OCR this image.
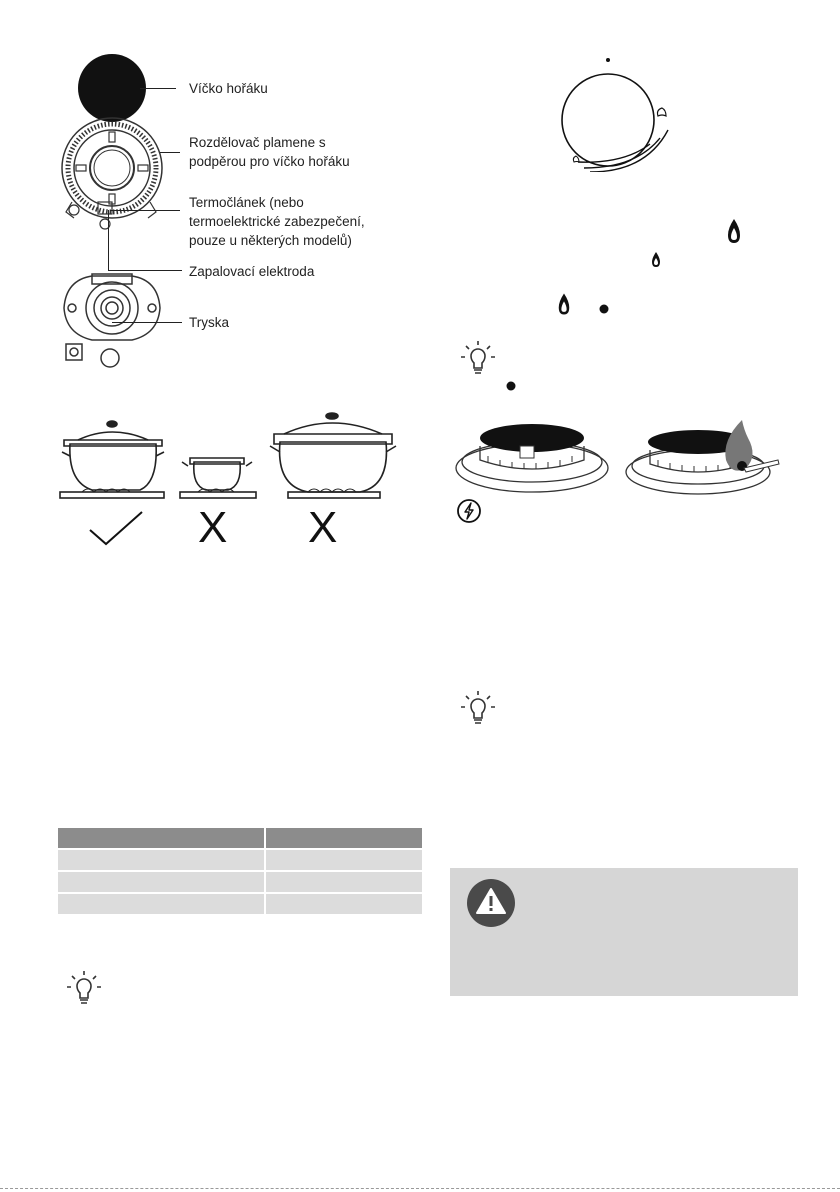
Víčko hořáku
Rozdělovač plamene s
podpěrou pro víčko hořáku
Termočlánek (nebo
termoelektrické zabezpečení,
pouze u některých modelů)
Zapalovací elektroda
Tryska
X X
